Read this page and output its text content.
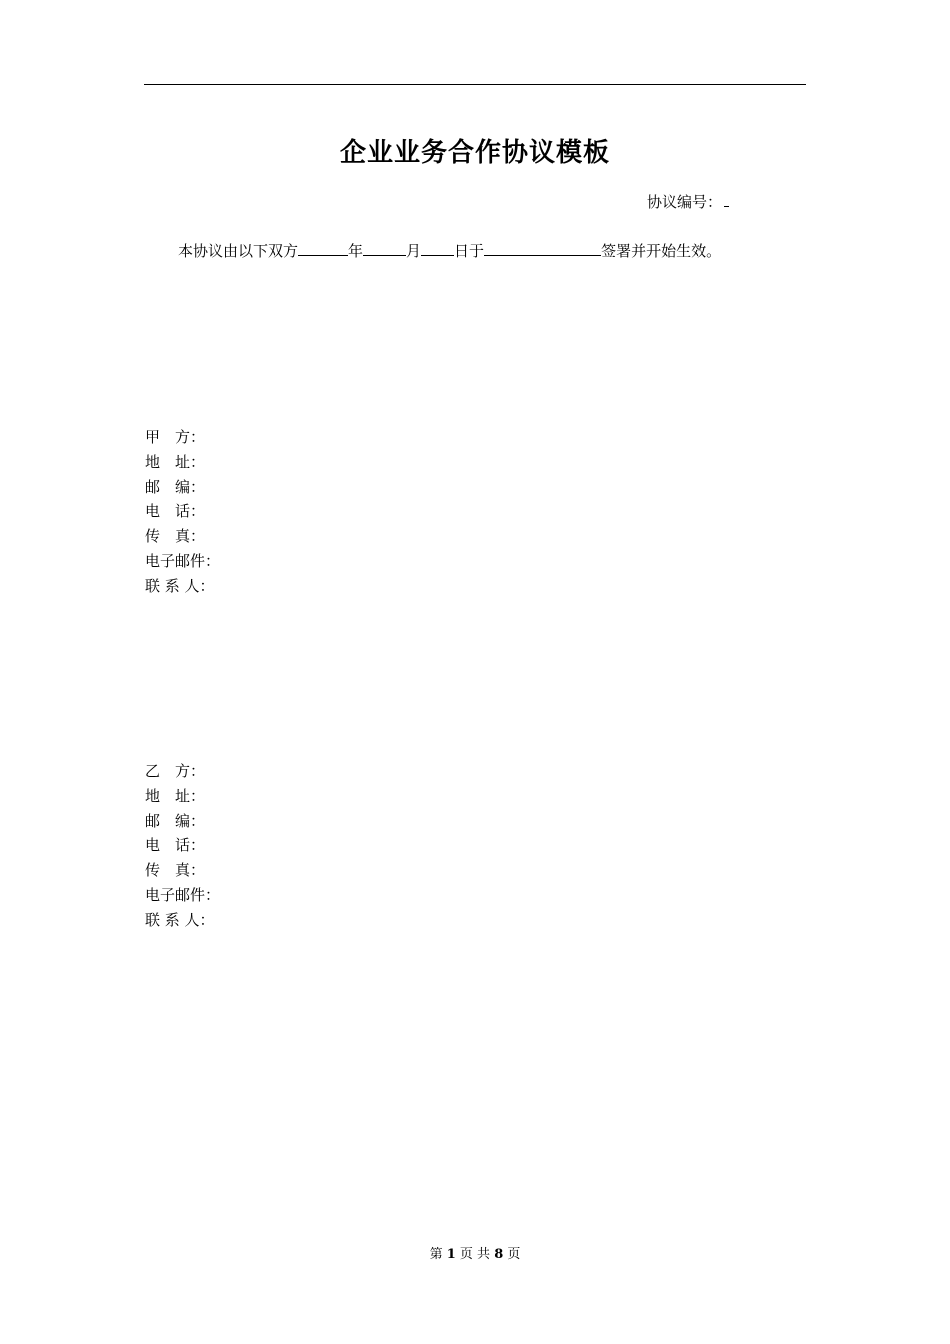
企业业务合作协议模板
协议编号：
本协议由以下双方	年	月 日于	签署并开始生效。
甲　方：
地　址：
邮　编：
电　话：
传　真：
电子邮件：
联 系 人：
乙　方：
地　址：
邮　编：
电　话：
传　真：
电子邮件：
联 系 人：
第 1 页 共 8 页
